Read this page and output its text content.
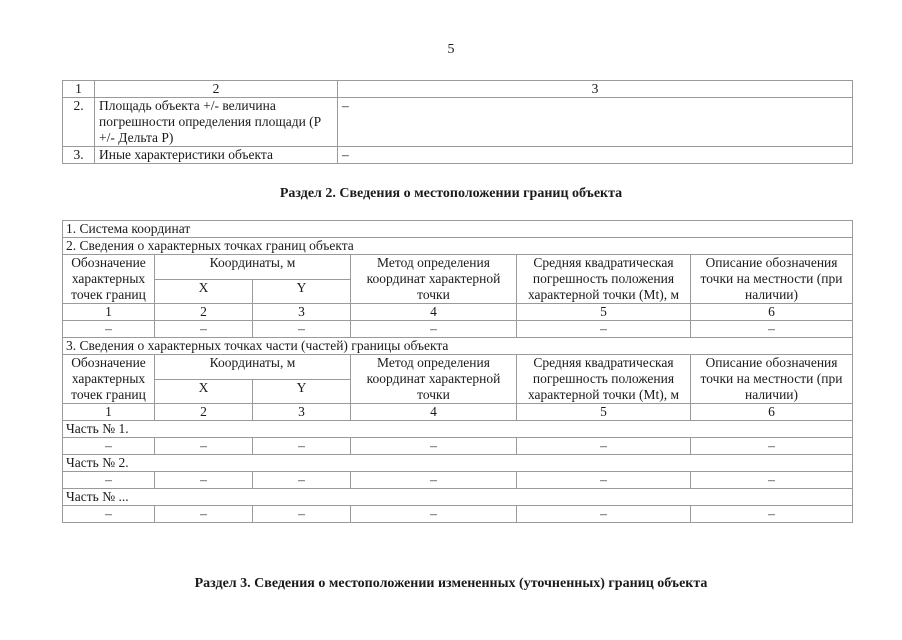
5
1	2	3
2.	Площадь объекта +/- величина погрешности определения площади (P +/- Дельта P)	–
3.	Иные характеристики объекта	–
Раздел 2. Сведения о местоположении границ объекта
1. Система координат					
2. Сведения о характерных точках границ объекта					
Обозначение характерных точек границ	Координаты, м		Метод определения координат характерной точки	Средняя квадратическая погрешность положения характерной точки (Mt), м	Описание обозначения точки на местности (при наличии)
	X	Y			
1	2	3	4	5	6
–	–	–	–	–	–
3. Сведения о характерных точках части (частей) границы объекта					
Обозначение характерных точек границ	Координаты, м		Метод определения координат характерной точки	Средняя квадратическая погрешность положения характерной точки (Mt), м	Описание обозначения точки на местности (при наличии)
	X	Y			
1	2	3	4	5	6
Часть № 1.					
–	–	–	–	–	–
Часть № 2.					
–	–	–	–	–	–
Часть № ...					
–	–	–	–	–	–
Раздел 3. Сведения о местоположении измененных (уточненных) границ объекта
